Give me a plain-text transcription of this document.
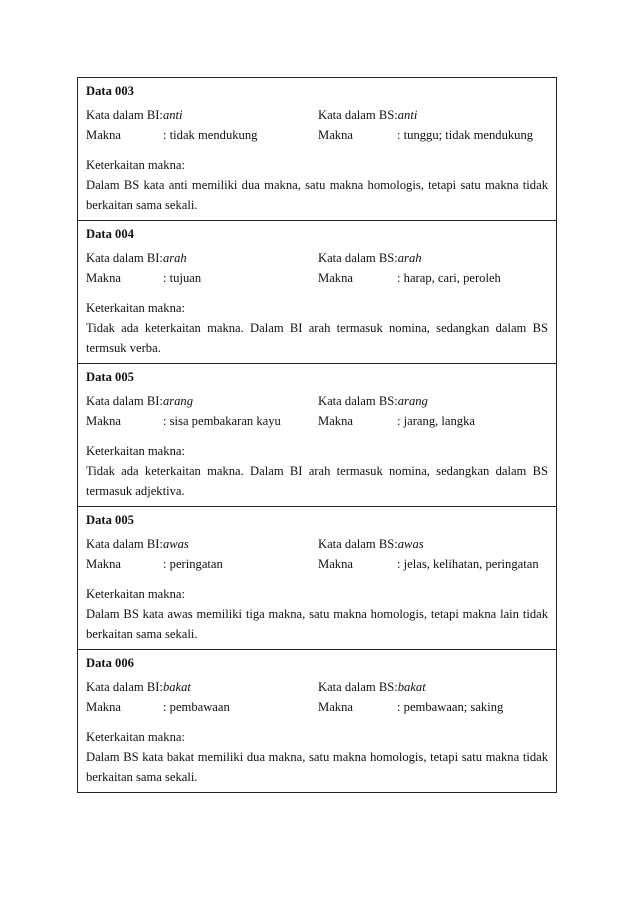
Data 003
Kata dalam BI:anti	Kata dalam BS:anti
Makna	: tidak mendukung	Makna	: tunggu; tidak mendukung
Keterkaitan makna:
Dalam BS kata anti memiliki dua makna, satu makna homologis, tetapi satu makna tidak berkaitan sama sekali.
Data 004
Kata dalam BI:arah	Kata dalam BS:arah
Makna	: tujuan	Makna	: harap, cari, peroleh
Keterkaitan makna:
Tidak ada keterkaitan makna. Dalam BI arah termasuk nomina, sedangkan dalam BS termsuk verba.
Data 005
Kata dalam BI:arang	Kata dalam BS:arang
Makna	: sisa pembakaran kayu	Makna	: jarang, langka
Keterkaitan makna:
Tidak ada keterkaitan makna. Dalam BI arah termasuk nomina, sedangkan dalam BS termasuk adjektiva.
Data 005
Kata dalam BI:awas	Kata dalam BS:awas
Makna	: peringatan	Makna	: jelas, kelihatan, peringatan
Keterkaitan makna:
Dalam BS kata awas memiliki tiga makna, satu makna homologis, tetapi makna lain tidak berkaitan sama sekali.
Data 006
Kata dalam BI:bakat	Kata dalam BS:bakat
Makna	: pembawaan	Makna	: pembawaan; saking
Keterkaitan makna:
Dalam BS kata bakat memiliki dua makna, satu makna homologis, tetapi satu makna tidak berkaitan sama sekali.
